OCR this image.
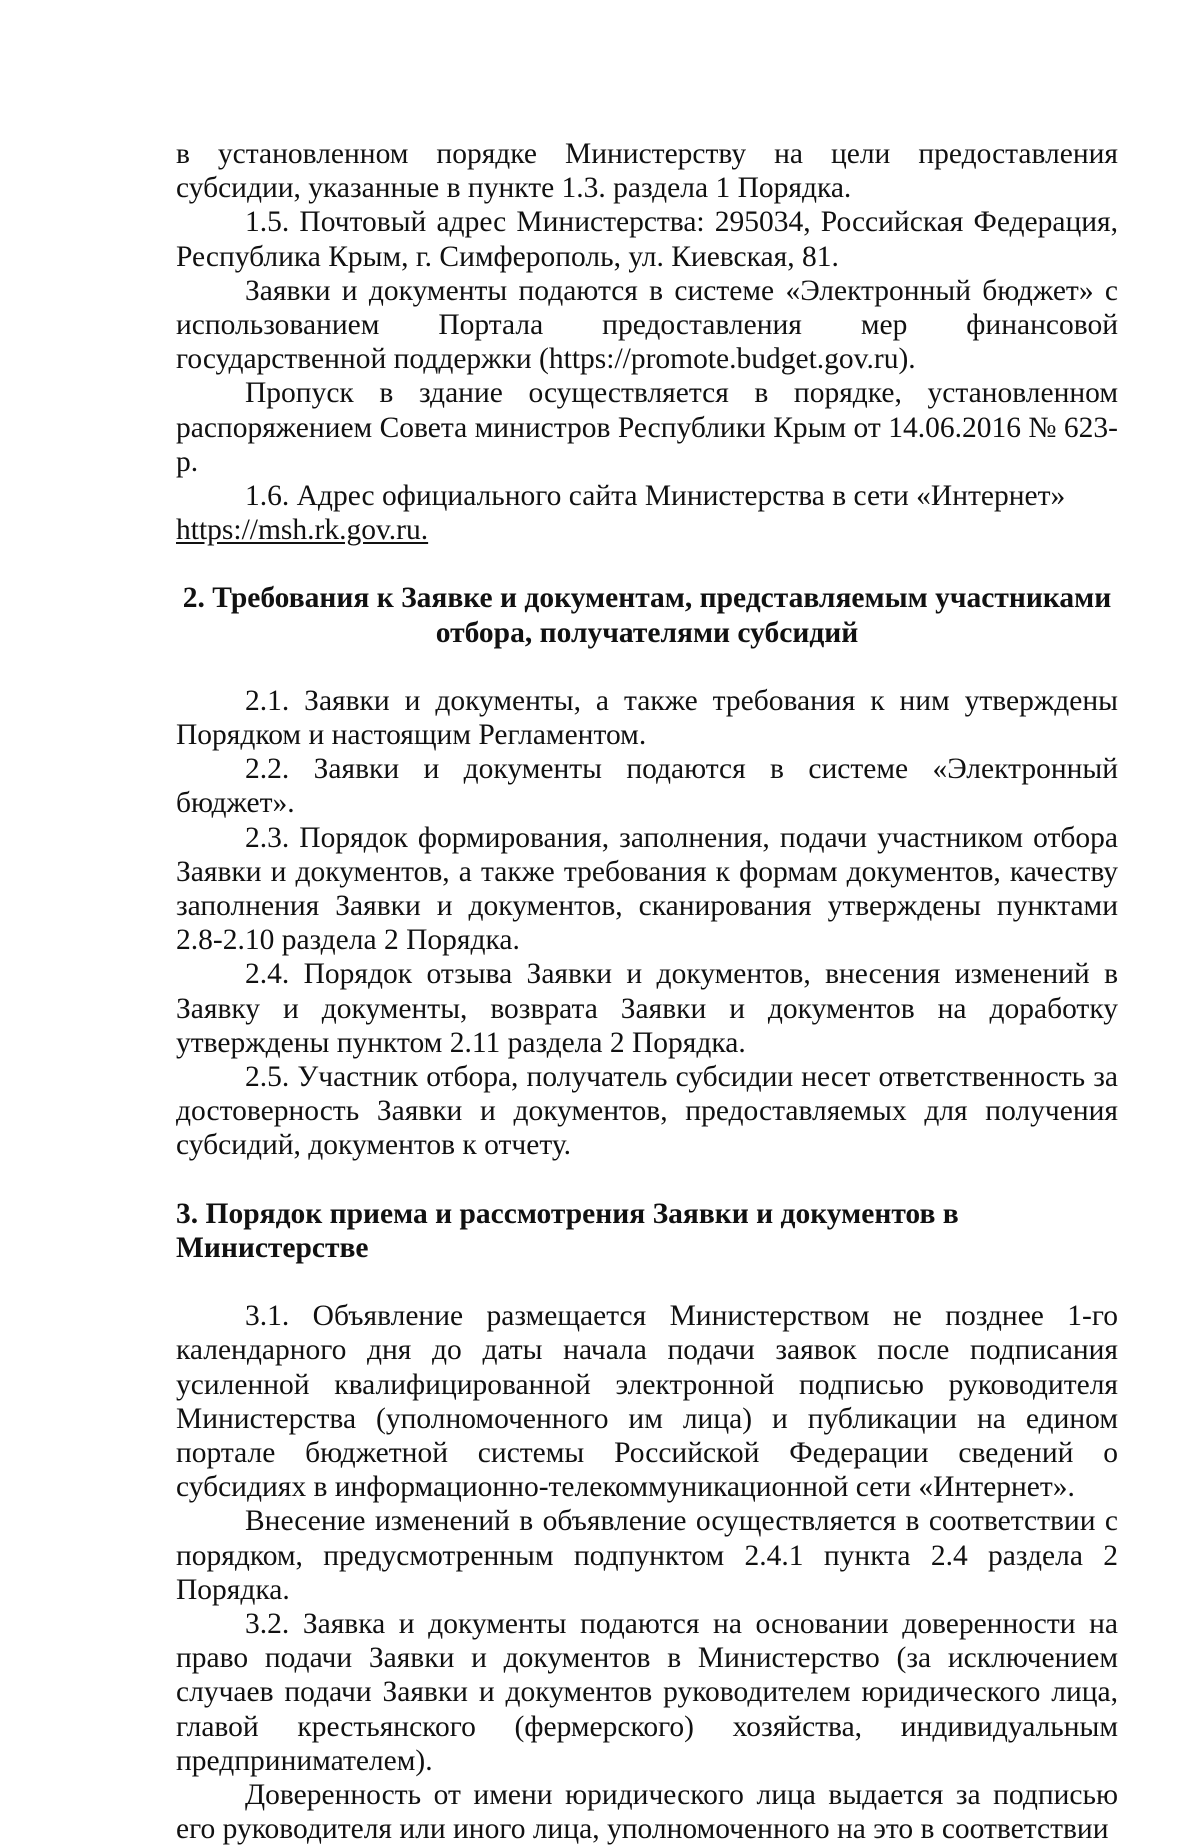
в установленном порядке Министерству на цели предоставления субсидии, указанные в пункте 1.3. раздела 1 Порядка.

1.5. Почтовый адрес Министерства: 295034, Российская Федерация, Республика Крым, г. Симферополь, ул. Киевская, 81.

Заявки и документы подаются в системе «Электронный бюджет» с использованием Портала предоставления мер финансовой государственной поддержки (https://promote.budget.gov.ru).

Пропуск в здание осуществляется в порядке, установленном распоряжением Совета министров Республики Крым от 14.06.2016 № 623-р.

1.6. Адрес официального сайта Министерства в сети «Интернет»

https://msh.rk.gov.ru.

2. Требования к Заявке и документам, представляемым участниками отбора, получателями субсидий

2.1. Заявки и документы, а также требования к ним утверждены Порядком и настоящим Регламентом.

2.2. Заявки и документы подаются в системе «Электронный бюджет».

2.3. Порядок формирования, заполнения, подачи участником отбора Заявки и документов, а также требования к формам документов, качеству заполнения Заявки и документов, сканирования утверждены пунктами 2.8-2.10 раздела 2 Порядка.

2.4. Порядок отзыва Заявки и документов, внесения изменений в Заявку и документы, возврата Заявки и документов на доработку утверждены пунктом 2.11 раздела 2 Порядка.

2.5. Участник отбора, получатель субсидии несет ответственность за достоверность Заявки и документов, предоставляемых для получения субсидий, документов к отчету.

3. Порядок приема и рассмотрения Заявки и документов в Министерстве

3.1. Объявление размещается Министерством не позднее 1-го календарного дня до даты начала подачи заявок после подписания усиленной квалифицированной электронной подписью руководителя Министерства (уполномоченного им лица) и публикации на едином портале бюджетной системы Российской Федерации сведений о субсидиях в информационно-телекоммуникационной сети «Интернет».

Внесение изменений в объявление осуществляется в соответствии с порядком, предусмотренным подпунктом 2.4.1 пункта 2.4 раздела 2 Порядка.

3.2. Заявка и документы подаются на основании доверенности на право подачи Заявки и документов в Министерство (за исключением случаев подачи Заявки и документов руководителем юридического лица, главой крестьянского (фермерского) хозяйства, индивидуальным предпринимателем).

Доверенность от имени юридического лица выдается за подписью его руководителя или иного лица, уполномоченного на это в соответствии
